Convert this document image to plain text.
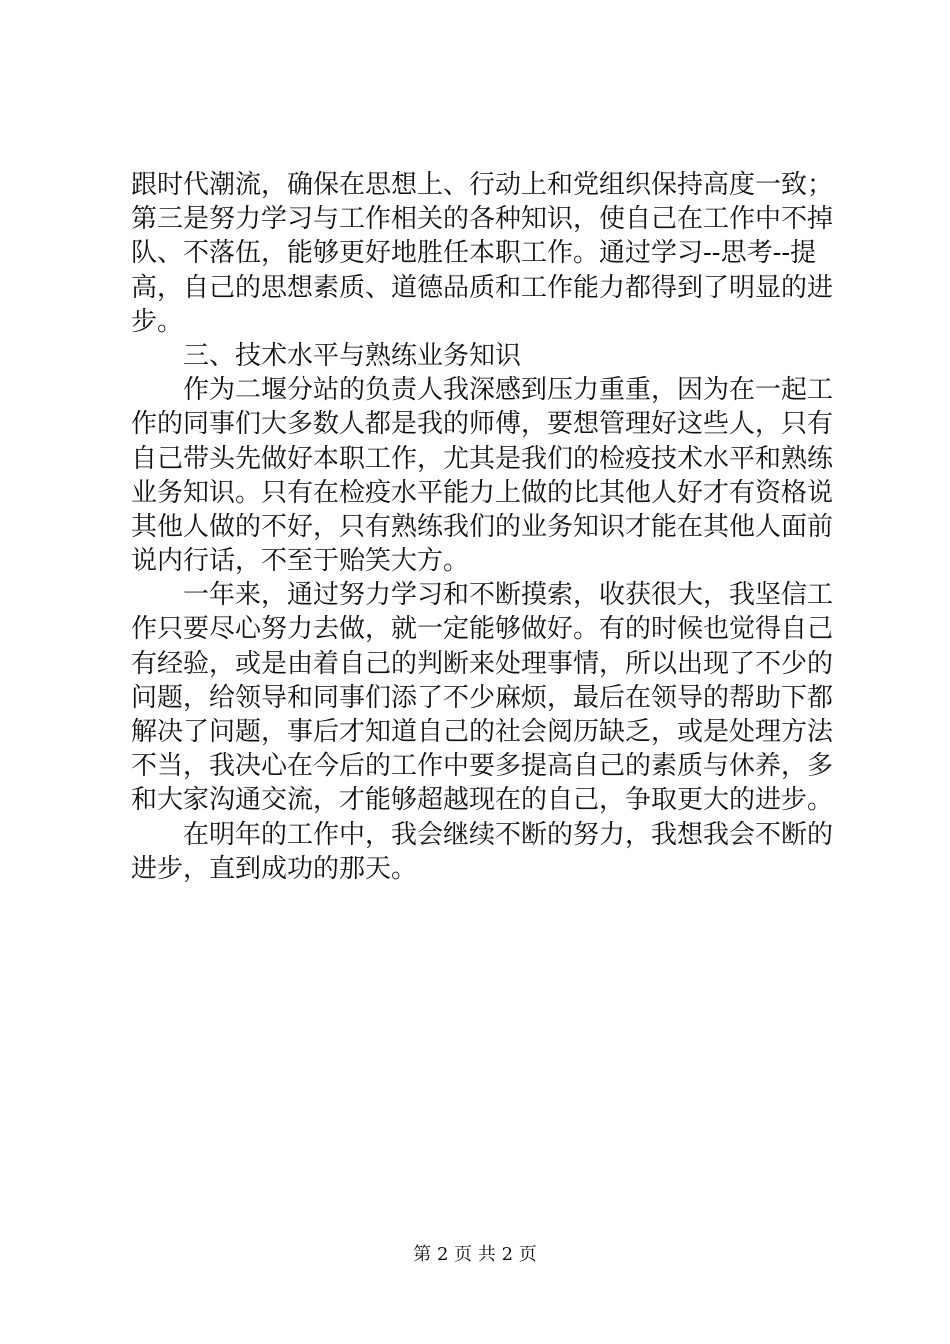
跟时代潮流，确保在思想上、行动上和党组织保持高度一致；
第三是努力学习与工作相关的各种知识，使自己在工作中不掉
队、不落伍，能够更好地胜任本职工作。通过学习--思考--提
高，自己的思想素质、道德品质和工作能力都得到了明显的进
步。
三、技术水平与熟练业务知识
作为二堰分站的负责人我深感到压力重重，因为在一起工
作的同事们大多数人都是我的师傅，要想管理好这些人，只有
自己带头先做好本职工作，尤其是我们的检疫技术水平和熟练
业务知识。只有在检疫水平能力上做的比其他人好才有资格说
其他人做的不好，只有熟练我们的业务知识才能在其他人面前
说内行话，不至于贻笑大方。
一年来，通过努力学习和不断摸索，收获很大，我坚信工
作只要尽心努力去做，就一定能够做好。有的时候也觉得自己
有经验，或是由着自己的判断来处理事情，所以出现了不少的
问题，给领导和同事们添了不少麻烦，最后在领导的帮助下都
解决了问题，事后才知道自己的社会阅历缺乏，或是处理方法
不当，我决心在今后的工作中要多提高自己的素质与休养，多
和大家沟通交流，才能够超越现在的自己，争取更大的进步。
在明年的工作中，我会继续不断的努力，我想我会不断的
进步，直到成功的那天。
第 2 页 共 2 页
